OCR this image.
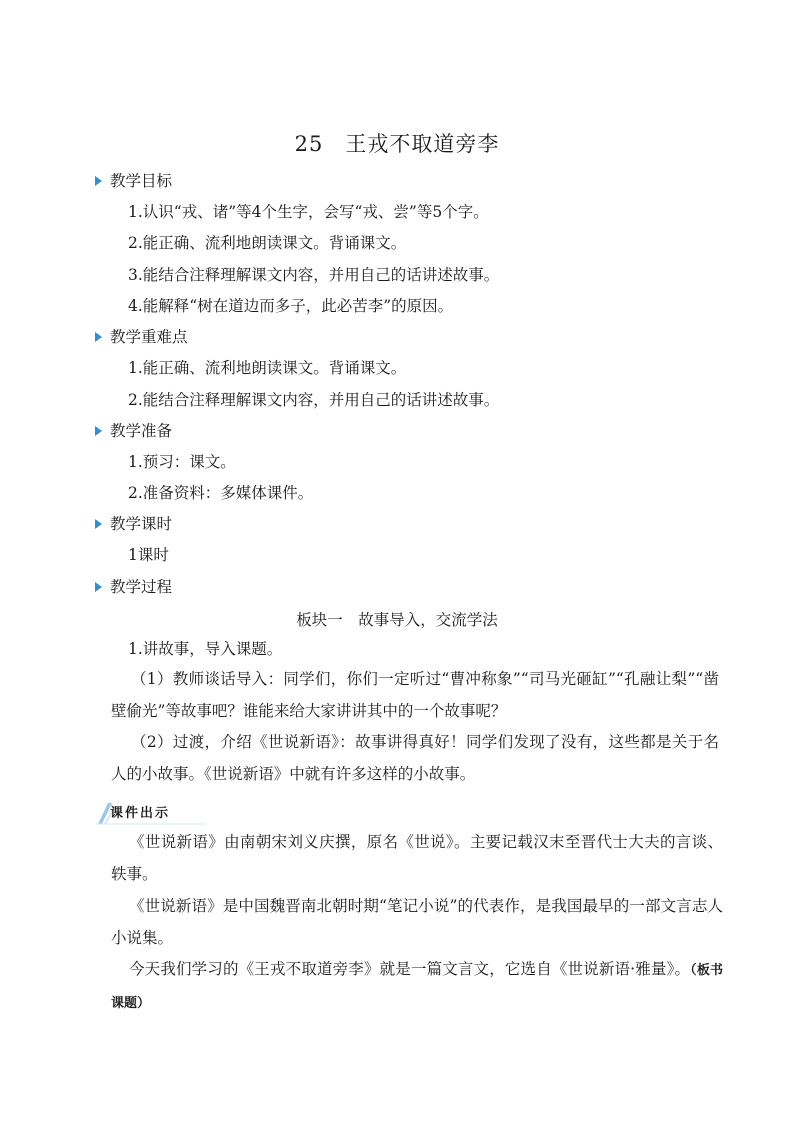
25 王戎不取道旁李
教学目标
1.认识“戎、诸”等4个生字，会写“戎、尝”等5个字。
2.能正确、流利地朗读课文。背诵课文。
3.能结合注释理解课文内容，并用自己的话讲述故事。
4.能解释“树在道边而多子，此必苦李”的原因。
教学重难点
1.能正确、流利地朗读课文。背诵课文。
2.能结合注释理解课文内容，并用自己的话讲述故事。
教学准备
1.预习：课文。
2.准备资料：多媒体课件。
教学课时
1课时
教学过程
板块一　故事导入，交流学法
1.讲故事，导入课题。
（1）教师谈话导入：同学们，你们一定听过“曹冲称象”“司马光砸缸”“孔融让梨”“凿壁偷光”等故事吧？谁能来给大家讲讲其中的一个故事呢？
（2）过渡，介绍《世说新语》：故事讲得真好！同学们发现了没有，这些都是关于名人的小故事。《世说新语》中就有许多这样的小故事。
课件出示
《世说新语》由南朝宋刘义庆撰，原名《世说》。主要记载汉末至晋代士大夫的言谈、轶事。
《世说新语》是中国魏晋南北朝时期“笔记小说”的代表作，是我国最早的一部文言志人小说集。
今天我们学习的《王戎不取道旁李》就是一篇文言文，它选自《世说新语·雅量》。（板书课题）
